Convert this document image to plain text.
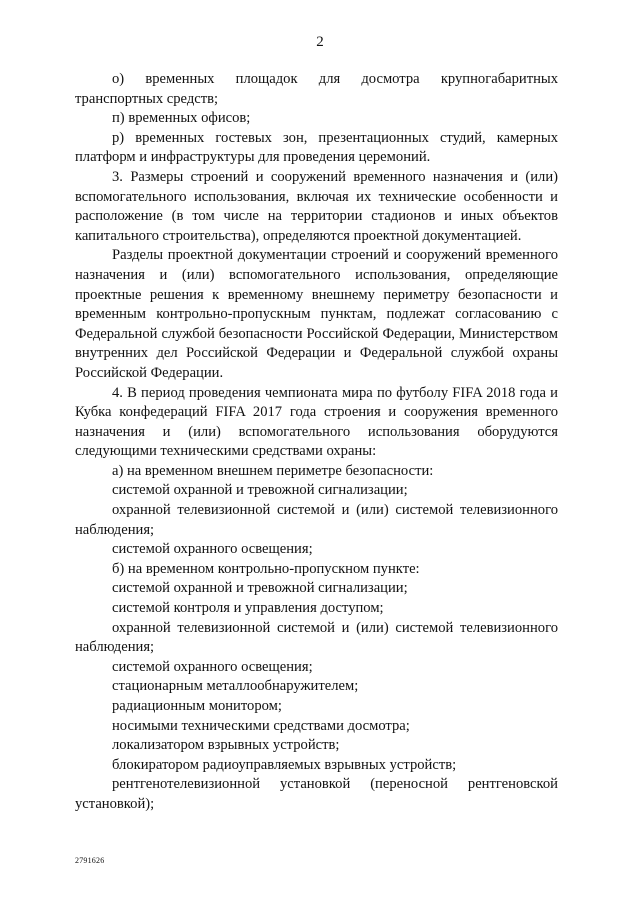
2

о) временных площадок для досмотра крупногабаритных транспортных средств;

п) временных офисов;

р) временных гостевых зон, презентационных студий, камерных платформ и инфраструктуры для проведения церемоний.

3. Размеры строений и сооружений временного назначения и (или) вспомогательного использования, включая их технические особенности и расположение (в том числе на территории стадионов и иных объектов капитального строительства), определяются проектной документацией.

Разделы проектной документации строений и сооружений временного назначения и (или) вспомогательного использования, определяющие проектные решения к временному внешнему периметру безопасности и временным контрольно-пропускным пунктам, подлежат согласованию с Федеральной службой безопасности Российской Федерации, Министерством внутренних дел Российской Федерации и Федеральной службой охраны Российской Федерации.

4. В период проведения чемпионата мира по футболу FIFA 2018 года и Кубка конфедераций FIFA 2017 года строения и сооружения временного назначения и (или) вспомогательного использования оборудуются следующими техническими средствами охраны:

а) на временном внешнем периметре безопасности:

системой охранной и тревожной сигнализации;

охранной телевизионной системой и (или) системой телевизионного наблюдения;

системой охранного освещения;

б) на временном контрольно-пропускном пункте:

системой охранной и тревожной сигнализации;

системой контроля и управления доступом;

охранной телевизионной системой и (или) системой телевизионного наблюдения;

системой охранного освещения;

стационарным металлообнаружителем;

радиационным монитором;

носимыми техническими средствами досмотра;

локализатором взрывных устройств;

блокиратором радиоуправляемых взрывных устройств;

рентгенотелевизионной установкой (переносной рентгеновской установкой);

2791626
